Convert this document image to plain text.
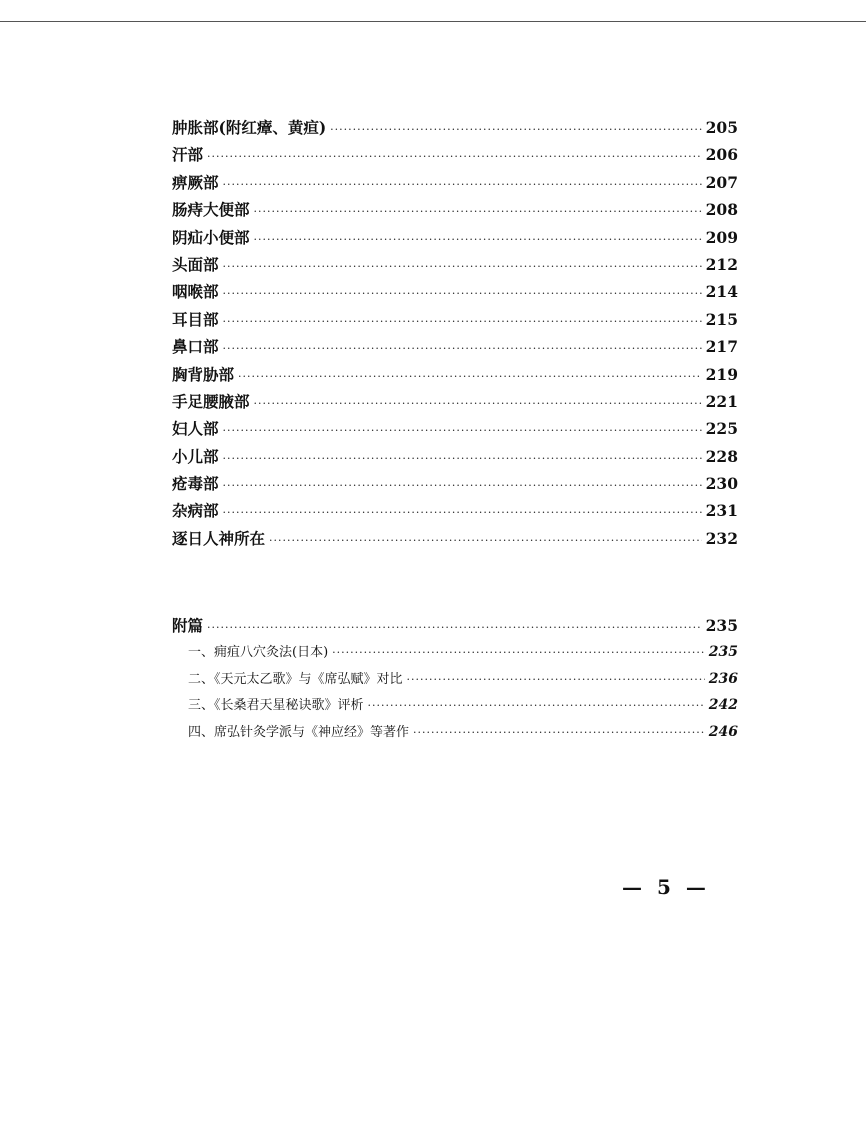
肿胀部(附红瘴、黄疸) ·····	205
汗部 ·····	206
痹厥部 ·····	207
肠痔大便部 ·····	208
阴疝小便部 ·····	209
头面部 ·····	212
咽喉部 ·····	214
耳目部 ·····	215
鼻口部 ·····	217
胸背胁部 ·····	219
手足腰腋部 ·····	221
妇人部 ·····	225
小儿部 ·····	228
疮毒部 ·····	230
杂病部 ·····	231
逐日人神所在 ·····	232
附篇 ·····	235
一、痈疽八穴灸法(日本) ·····	235
二、《天元太乙歌》与《席弘赋》对比 ·····	236
三、《长桑君天星秘诀歌》评析 ·····	242
四、席弘针灸学派与《神应经》等著作 ·····	246
— 5 —
